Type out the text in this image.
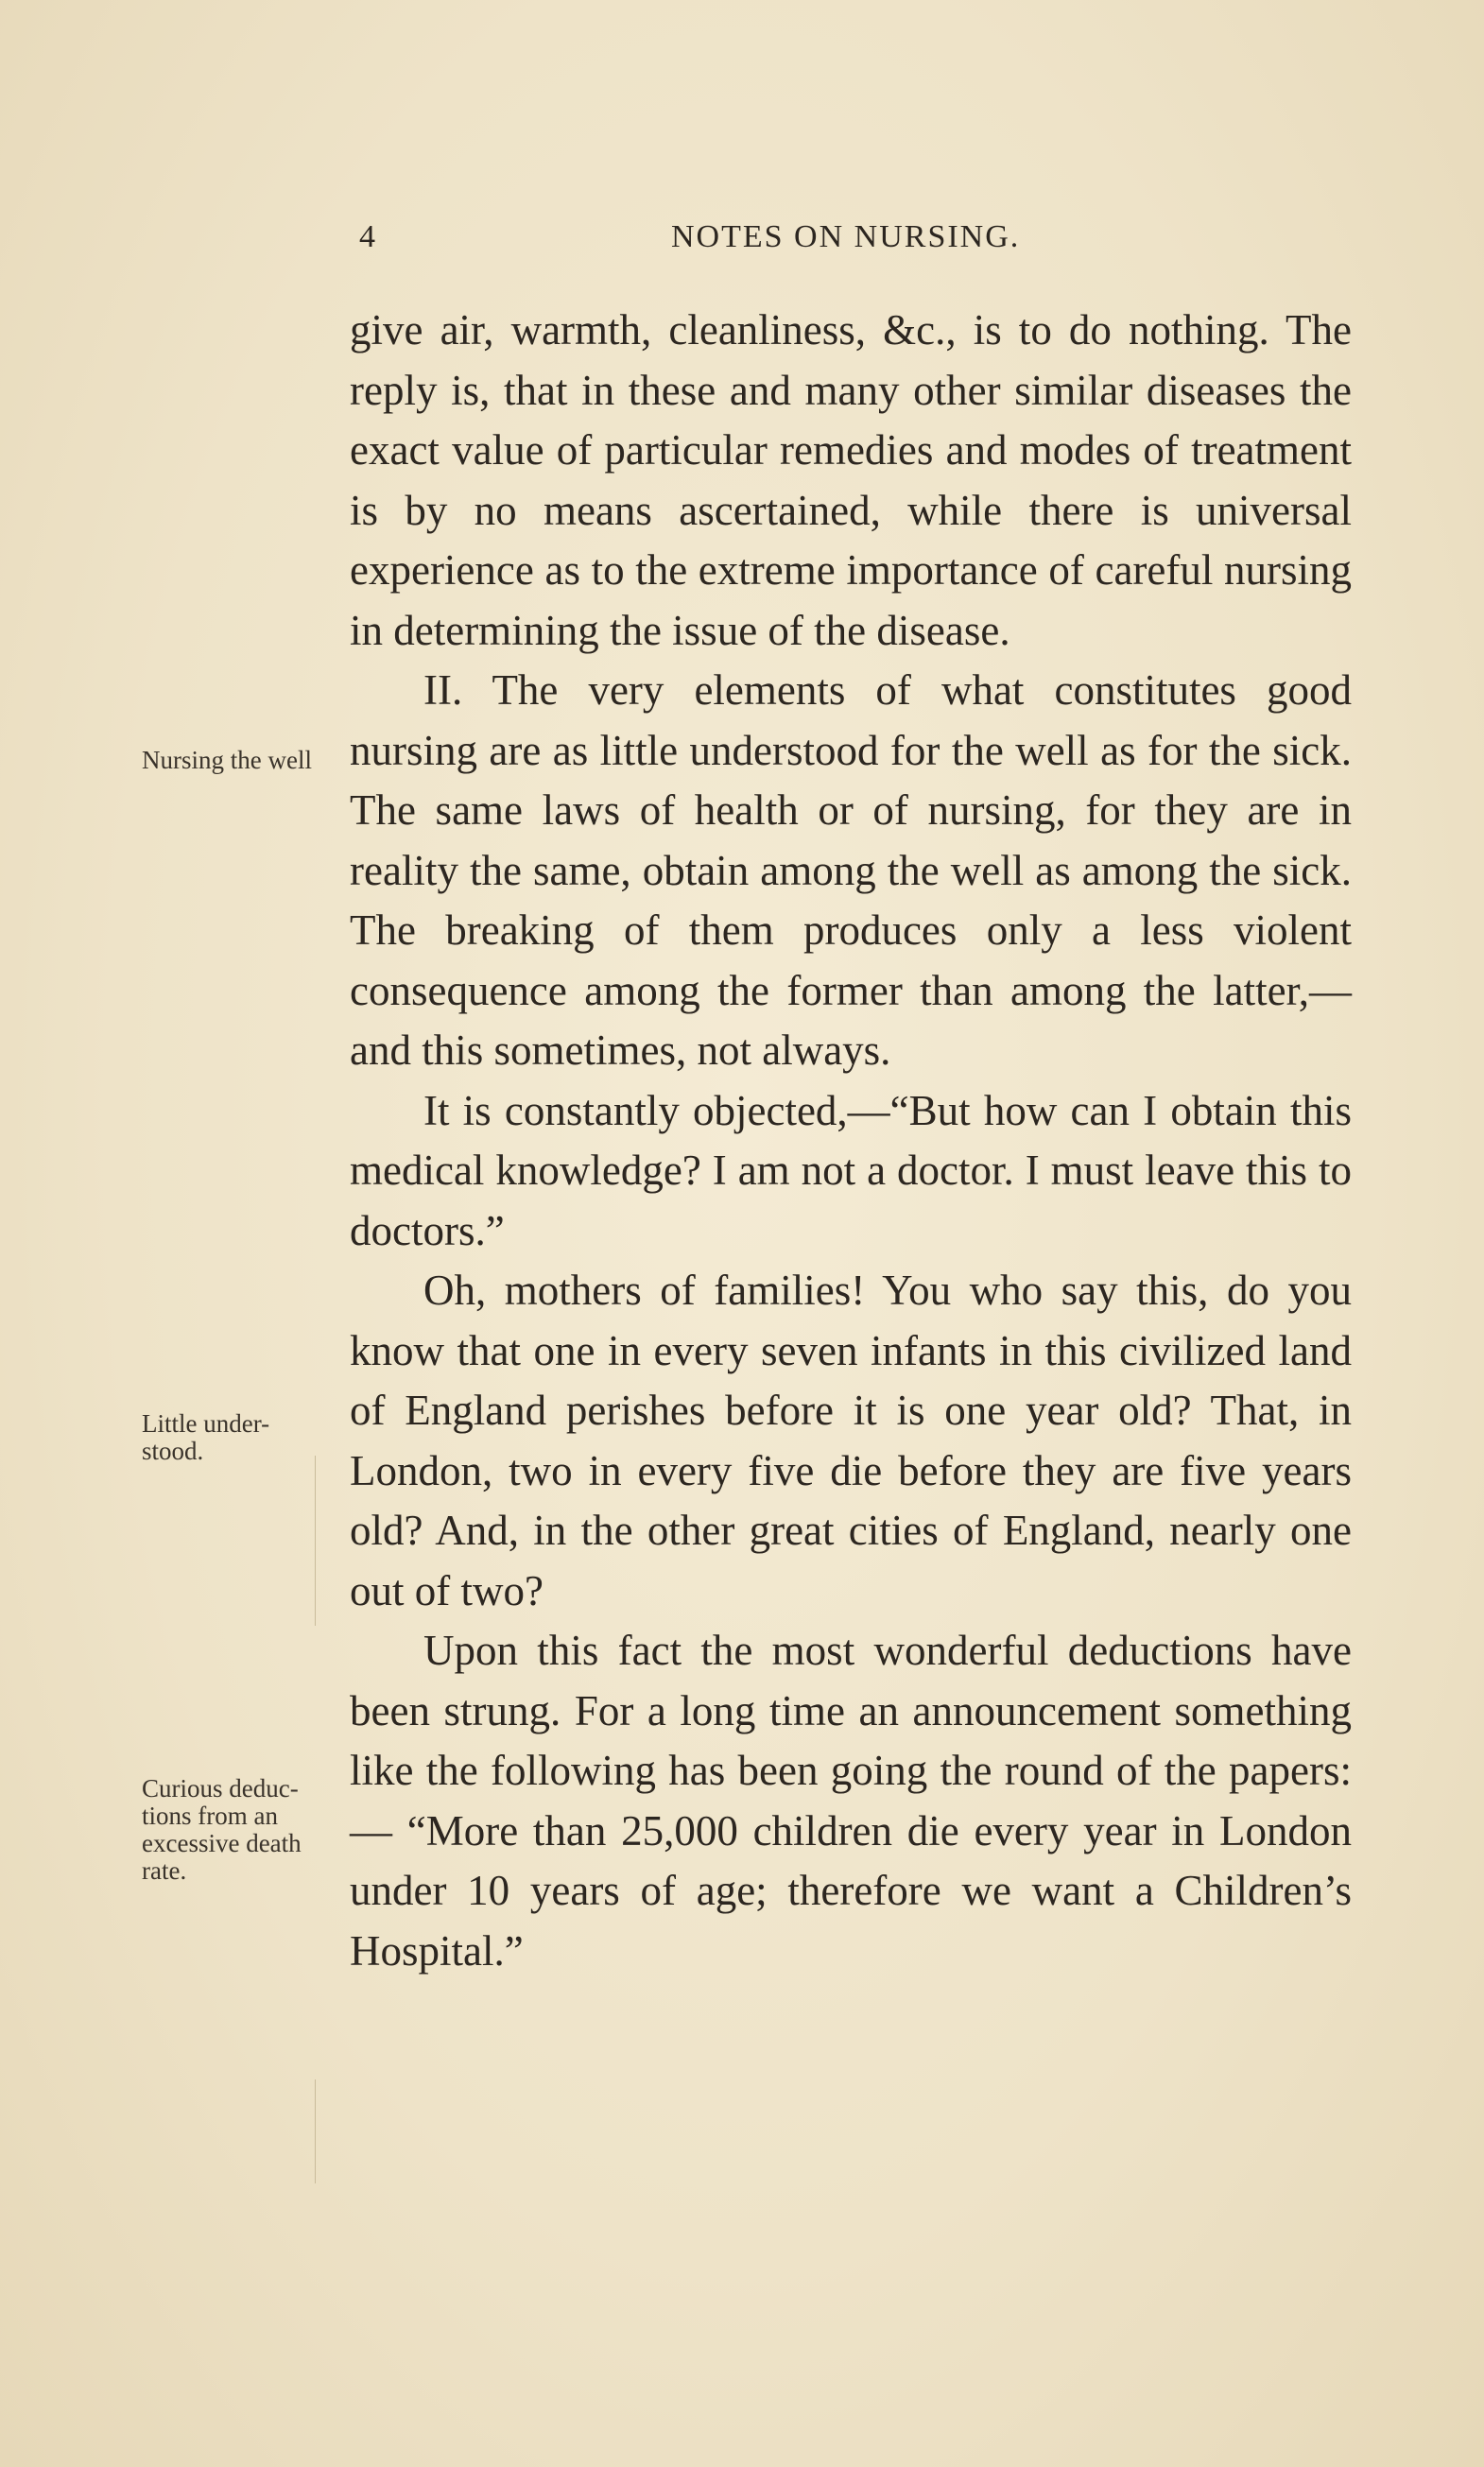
4	NOTES ON NURSING.
Nursing the well
Little under- stood.
Curious deduc- tions from an excessive death rate.

give air, warmth, cleanliness, &c., is to do nothing. The reply is, that in these and many other similar diseases the exact value of particular remedies and modes of treatment is by no means ascertained, while there is universal experience as to the extreme importance of careful nursing in determining the issue of the disease.

II. The very elements of what constitutes good nursing are as little understood for the well as for the sick. The same laws of health or of nursing, for they are in reality the same, obtain among the well as among the sick. The breaking of them produces only a less violent consequence among the former than among the latter,—and this sometimes, not always.

It is constantly objected,—“But how can I obtain this medical knowledge? I am not a doctor. I must leave this to doctors.”

Oh, mothers of families! You who say this, do you know that one in every seven infants in this civilized land of England perishes before it is one year old? That, in London, two in every five die before they are five years old? And, in the other great cities of England, nearly one out of two?

Upon this fact the most wonderful deductions have been strung. For a long time an announcement something like the following has been going the round of the papers: — “More than 25,000 children die every year in London under 10 years of age; therefore we want a Children’s Hospital.”
